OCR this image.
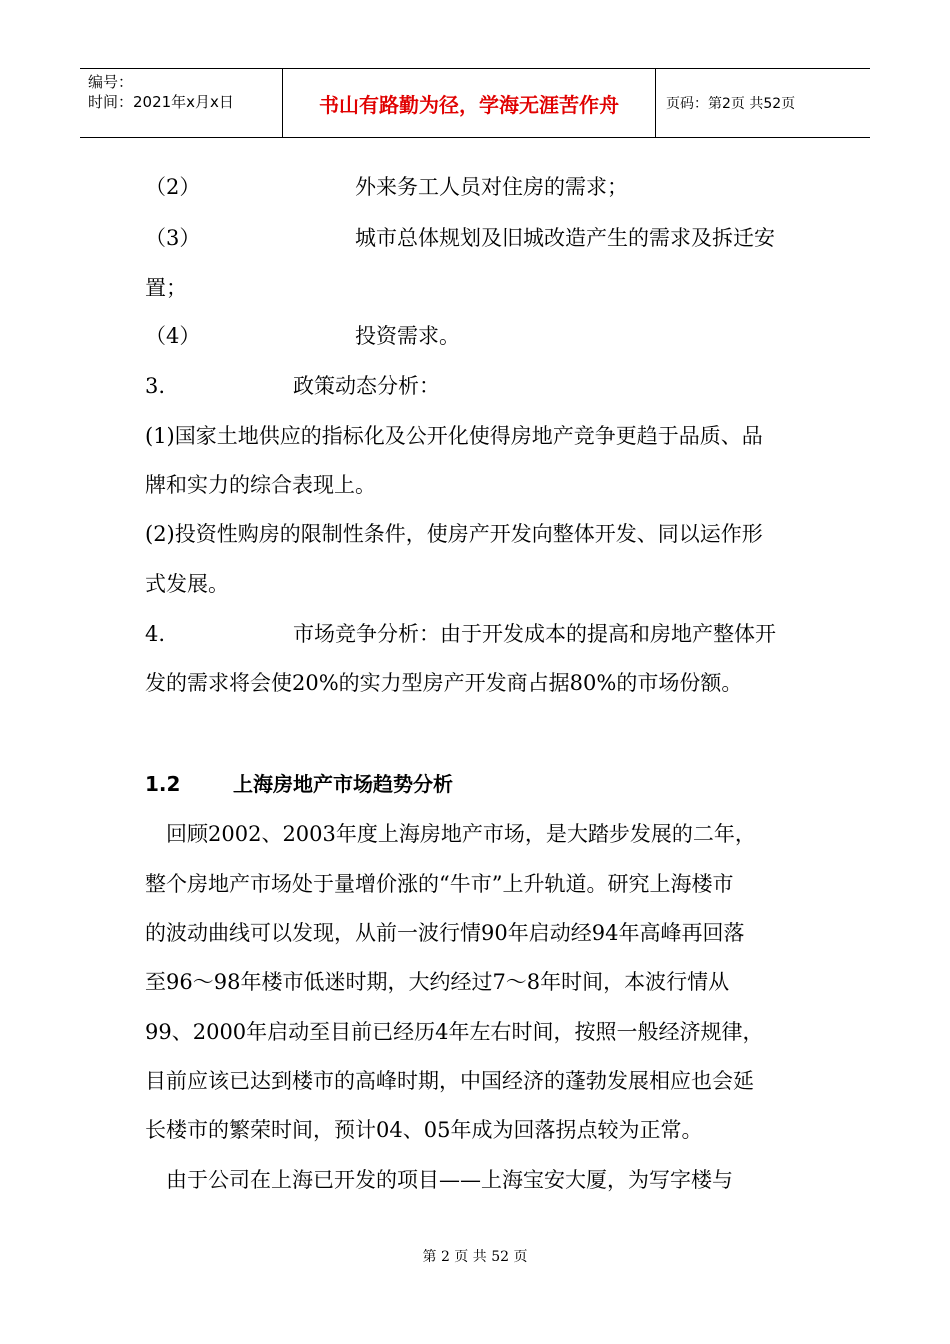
编号：
时间：2021年x月x日	书山有路勤为径，学海无涯苦作舟	页码：第2页 共52页
（2）	外来务工人员对住房的需求；
（3）	城市总体规划及旧城改造产生的需求及拆迁安
置；
（4）	投资需求。
3.	政策动态分析：
(1)国家土地供应的指标化及公开化使得房地产竞争更趋于品质、品
牌和实力的综合表现上。
(2)投资性购房的限制性条件，使房产开发向整体开发、同以运作形
式发展。
4.	市场竞争分析：由于开发成本的提高和房地产整体开
发的需求将会使20%的实力型房产开发商占据80%的市场份额。
1.2	上海房地产市场趋势分析
　回顾2002、2003年度上海房地产市场，是大踏步发展的二年，
整个房地产市场处于量增价涨的“牛市”上升轨道。研究上海楼市
的波动曲线可以发现，从前一波行情90年启动经94年高峰再回落
至96～98年楼市低迷时期，大约经过7～8年时间，本波行情从
99、2000年启动至目前已经历4年左右时间，按照一般经济规律，
目前应该已达到楼市的高峰时期，中国经济的蓬勃发展相应也会延
长楼市的繁荣时间，预计04、05年成为回落拐点较为正常。
　由于公司在上海已开发的项目——上海宝安大厦，为写字楼与
第 2 页 共 52 页
